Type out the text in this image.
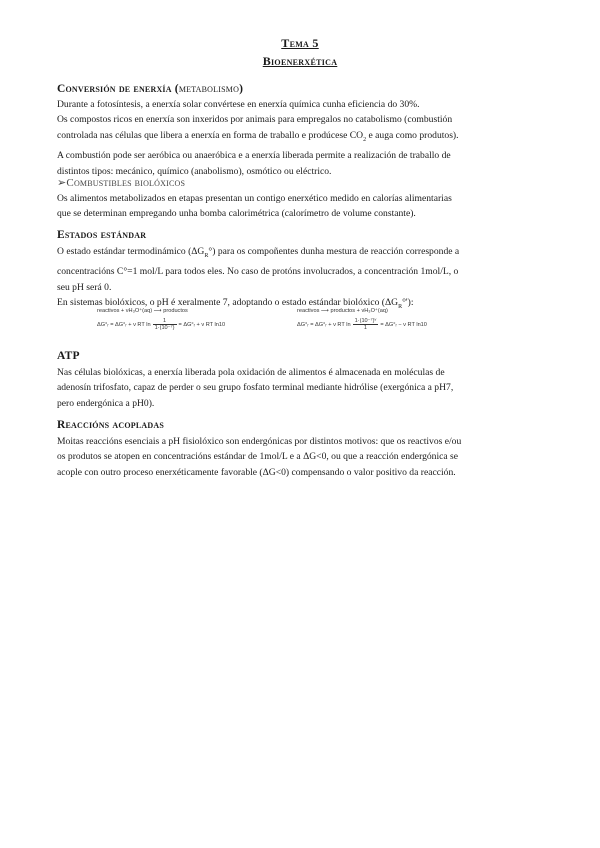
Tema 5
Bioenerxética
Conversión de enerxía (metabolismo)
Durante a fotosíntesis, a enerxía solar convértese en enerxía química cunha eficiencia do 30%.
Os compostos ricos en enerxía son inxeridos por animais para empregalos no catabolismo (combustión
controlada nas células que libera a enerxía en forma de traballo e prodúcese $CO_2$ e auga como produtos).
A combustión pode ser aeróbica ou anaeróbica e a enerxía liberada permite a realización de traballo de
distintos tipos: mecánico, químico (anabolismo), osmótico ou eléctrico.
➢Combustibles biolóxicos
Os alimentos metabolizados en etapas presentan un contigo enerxético medido en calorías alimentarias
que se determinan empregando unha bomba calorimétrica (calorímetro de volume constante).
Estados estándar
O estado estándar termodinámico $(\Delta G_R^\circ)$ para os compoñentes dunha mestura de reacción corresponde a
concentracións C°=1 mol/L para todos eles. No caso de protóns involucrados, a concentración 1mol/L, o
seu pH será 0.
En sistemas biolóxicos, o pH é xeralmente 7, adoptando o estado estándar biolóxico $(\Delta G_R^\circ')$:
reactivos + νH₃O⁺(aq) ⟶ productos
ΔG°ᵣ = ΔG°ᵣ + ν RT $\ln \frac{1}{\text{1·(10⁻⁷)}}$ = ΔG°ᵣ + ν RT ln10
reactivos ⟶ productos + νH₃O⁺(aq)
ΔG°ᵣ = ΔG°ᵣ + ν RT $\ln \frac{\text{1·(10⁻⁷)ᵛ}}{1}$ = ΔG°ᵣ − ν RT ln10
ATP
Nas células biolóxicas, a enerxía liberada pola oxidación de alimentos é almacenada en moléculas de
adenosín trifosfato, capaz de perder o seu grupo fosfato terminal mediante hidrólise (exergónica a pH7,
pero endergónica a pH0).
Reaccións acopladas
Moitas reaccións esenciais a pH fisiolóxico son endergónicas por distintos motivos: que os reactivos e/ou
os produtos se atopen en concentracións estándar de 1mol/L e a ΔG<0, ou que a reacción endergónica se
acople con outro proceso enerxéticamente favorable (ΔG<0) compensando o valor positivo da reacción.
